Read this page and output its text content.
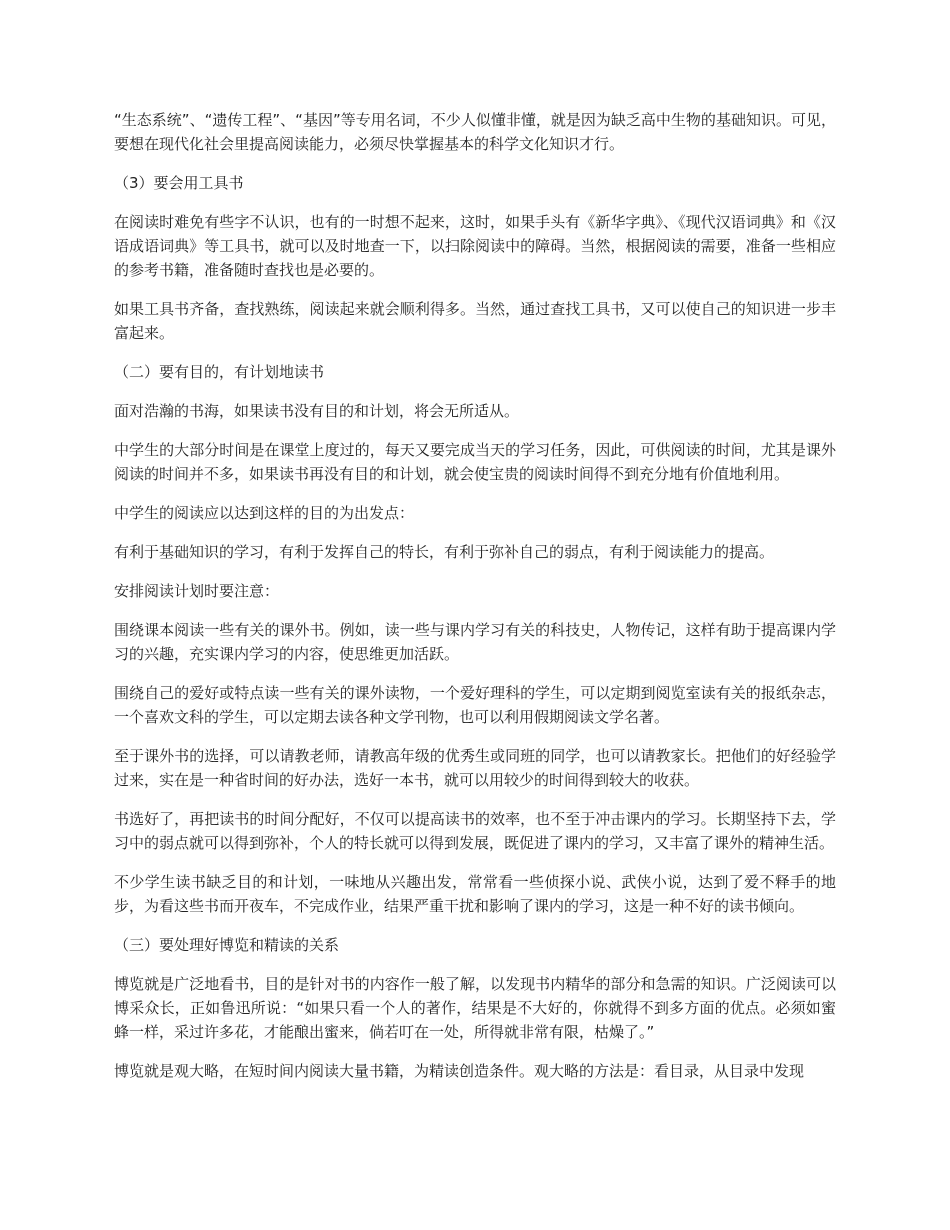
“生态系统”、“遗传工程”、“基因”等专用名词，不少人似懂非懂，就是因为缺乏高中生物的基础知识。可见，要想在现代化社会里提高阅读能力，必须尽快掌握基本的科学文化知识才行。

（3）要会用工具书

在阅读时难免有些字不认识，也有的一时想不起来，这时，如果手头有《新华字典》、《现代汉语词典》和《汉语成语词典》等工具书，就可以及时地查一下，以扫除阅读中的障碍。当然，根据阅读的需要，准备一些相应的参考书籍，准备随时查找也是必要的。

如果工具书齐备，查找熟练，阅读起来就会顺利得多。当然，通过查找工具书，又可以使自己的知识进一步丰富起来。

（二）要有目的，有计划地读书

面对浩瀚的书海，如果读书没有目的和计划，将会无所适从。

中学生的大部分时间是在课堂上度过的，每天又要完成当天的学习任务，因此，可供阅读的时间，尤其是课外阅读的时间并不多，如果读书再没有目的和计划，就会使宝贵的阅读时间得不到充分地有价值地利用。

中学生的阅读应以达到这样的目的为出发点：

有利于基础知识的学习，有利于发挥自己的特长，有利于弥补自己的弱点，有利于阅读能力的提高。

安排阅读计划时要注意：

围绕课本阅读一些有关的课外书。例如，读一些与课内学习有关的科技史，人物传记，这样有助于提高课内学习的兴趣，充实课内学习的内容，使思维更加活跃。

围绕自己的爱好或特点读一些有关的课外读物，一个爱好理科的学生，可以定期到阅览室读有关的报纸杂志，一个喜欢文科的学生，可以定期去读各种文学刊物，也可以利用假期阅读文学名著。

至于课外书的选择，可以请教老师，请教高年级的优秀生或同班的同学，也可以请教家长。把他们的好经验学过来，实在是一种省时间的好办法，选好一本书，就可以用较少的时间得到较大的收获。

书选好了，再把读书的时间分配好，不仅可以提高读书的效率，也不至于冲击课内的学习。长期坚持下去，学习中的弱点就可以得到弥补，个人的特长就可以得到发展，既促进了课内的学习，又丰富了课外的精神生活。

不少学生读书缺乏目的和计划，一味地从兴趣出发，常常看一些侦探小说、武侠小说，达到了爱不释手的地步，为看这些书而开夜车，不完成作业，结果严重干扰和影响了课内的学习，这是一种不好的读书倾向。

（三）要处理好博览和精读的关系

博览就是广泛地看书，目的是针对书的内容作一般了解，以发现书内精华的部分和急需的知识。广泛阅读可以博采众长，正如鲁迅所说：“如果只看一个人的著作，结果是不大好的，你就得不到多方面的优点。必须如蜜蜂一样，采过许多花，才能酿出蜜来，倘若叮在一处，所得就非常有限，枯燥了。”

博览就是观大略，在短时间内阅读大量书籍，为精读创造条件。观大略的方法是：看目录，从目录中发现
